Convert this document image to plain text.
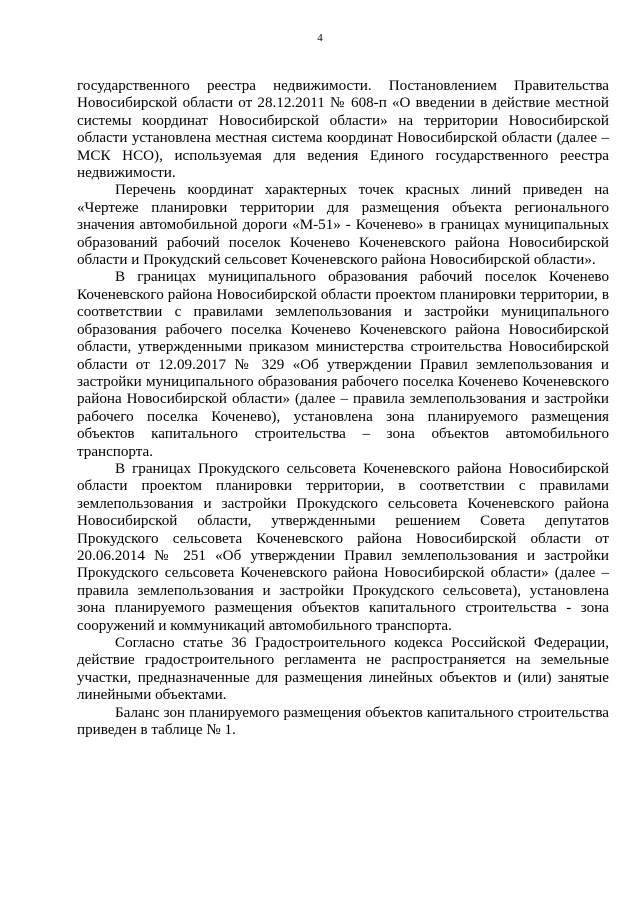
4

государственного реестра недвижимости. Постановлением Правительства Новосибирской области от 28.12.2011 № 608-п «О введении в действие местной системы координат Новосибирской области» на территории Новосибирской области установлена местная система координат Новосибирской области (далее – МСК НСО), используемая для ведения Единого государственного реестра недвижимости.

Перечень координат характерных точек красных линий приведен на «Чертеже планировки территории для размещения объекта регионального значения автомобильной дороги «М-51» - Коченево» в границах муниципальных образований рабочий поселок Коченево Коченевского района Новосибирской области и Прокудский сельсовет Коченевского района Новосибирской области».

В границах муниципального образования рабочий поселок Коченево Коченевского района Новосибирской области проектом планировки территории, в соответствии с правилами землепользования и застройки муниципального образования рабочего поселка Коченево Коченевского района Новосибирской области, утвержденными приказом министерства строительства Новосибирской области от 12.09.2017 № 329 «Об утверждении Правил землепользования и застройки муниципального образования рабочего поселка Коченево Коченевского района Новосибирской области» (далее – правила землепользования и застройки рабочего поселка Коченево), установлена зона планируемого размещения объектов капитального строительства – зона объектов автомобильного транспорта.

В границах Прокудского сельсовета Коченевского района Новосибирской области проектом планировки территории, в соответствии с правилами землепользования и застройки Прокудского сельсовета Коченевского района Новосибирской области, утвержденными решением Совета депутатов Прокудского сельсовета Коченевского района Новосибирской области от 20.06.2014 № 251 «Об утверждении Правил землепользования и застройки Прокудского сельсовета Коченевского района Новосибирской области» (далее – правила землепользования и застройки Прокудского сельсовета), установлена зона планируемого размещения объектов капитального строительства - зона сооружений и коммуникаций автомобильного транспорта.

Согласно статье 36 Градостроительного кодекса Российской Федерации, действие градостроительного регламента не распространяется на земельные участки, предназначенные для размещения линейных объектов и (или) занятые линейными объектами.

Баланс зон планируемого размещения объектов капитального строительства приведен в таблице № 1.
